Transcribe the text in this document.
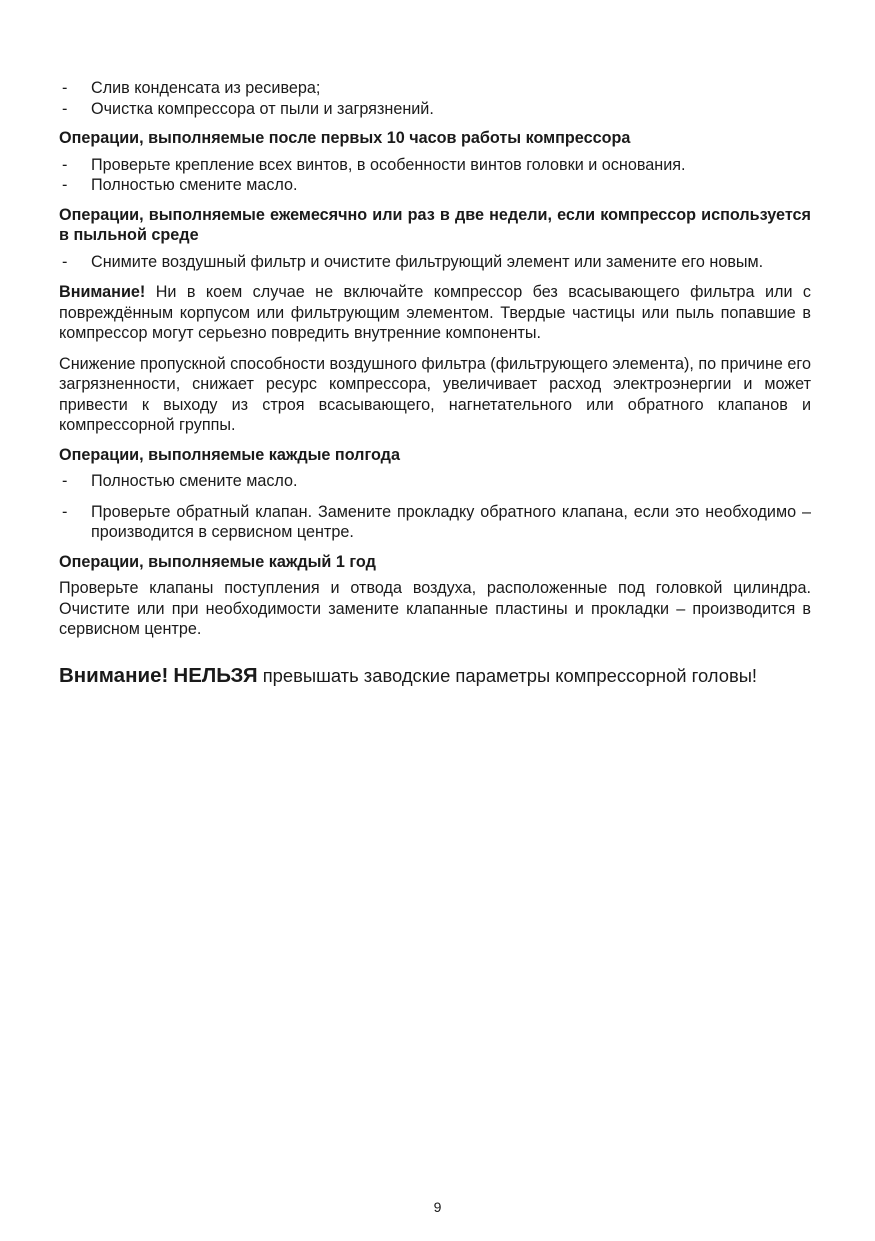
-	Слив конденсата из ресивера;
-	Очистка компрессора от пыли и загрязнений.
Операции, выполняемые после первых 10 часов работы компрессора
-	Проверьте крепление всех винтов, в особенности винтов головки и основания.
-	Полностью смените масло.
Операции, выполняемые ежемесячно или раз в две недели, если компрессор используется в пыльной среде
-	Снимите воздушный фильтр и очистите фильтрующий элемент или замените его новым.
Внимание! Ни в коем случае не включайте компрессор без всасывающего фильтра или с повреждённым корпусом или фильтрующим элементом. Твердые частицы или пыль попавшие в компрессор могут серьезно повредить внутренние компоненты.
Снижение пропускной способности воздушного фильтра (фильтрующего элемента), по причине его загрязненности, снижает ресурс компрессора, увеличивает расход электроэнергии и может привести к выходу из строя всасывающего, нагнетательного или обратного клапанов и компрессорной группы.
Операции, выполняемые каждые полгода
-	Полностью смените масло.
-	Проверьте обратный клапан. Замените прокладку обратного клапана, если это необходимо – производится в сервисном центре.
Операции, выполняемые каждый 1 год
Проверьте клапаны поступления и отвода воздуха, расположенные под головкой цилиндра. Очистите или при необходимости замените клапанные пластины и прокладки – производится в сервисном центре.
Внимание! НЕЛЬЗЯ превышать заводские параметры компрессорной головы!
9
